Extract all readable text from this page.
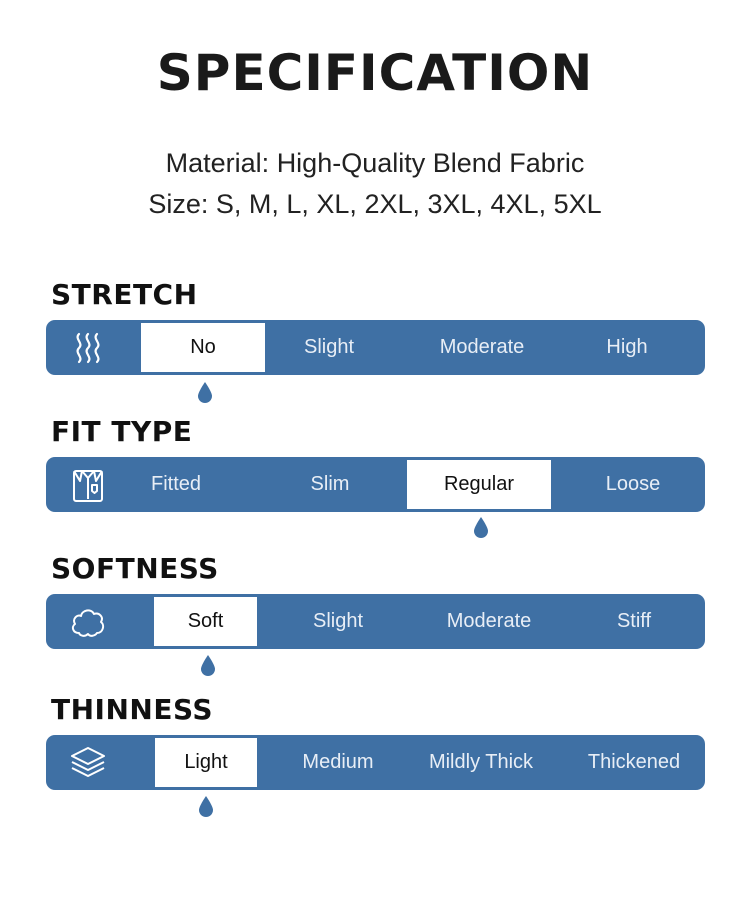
SPECIFICATION
Material: High-Quality Blend Fabric
Size: S, M, L, XL, 2XL, 3XL, 4XL, 5XL
STRETCH
No	Slight	Moderate	High
FIT TYPE
Fitted	Slim	Regular	Loose
SOFTNESS
Soft	Slight	Moderate	Stiff
THINNESS
Light	Medium	Mildly Thick	Thickened
